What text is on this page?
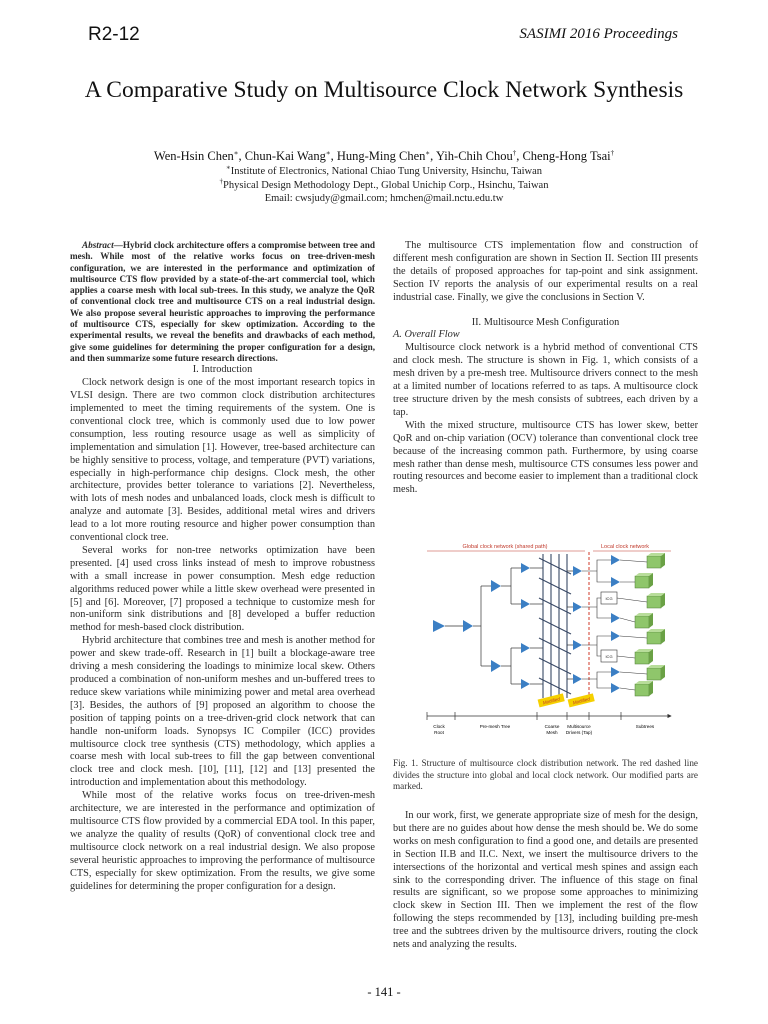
R2-12	SASIMI 2016 Proceedings
A Comparative Study on Multisource Clock Network Synthesis
Wen-Hsin Chen∗, Chun-Kai Wang∗, Hung-Ming Chen∗, Yih-Chih Chou†, Cheng-Hong Tsai†
∗Institute of Electronics, National Chiao Tung University, Hsinchu, Taiwan
†Physical Design Methodology Dept., Global Unichip Corp., Hsinchu, Taiwan
Email: cwsjudy@gmail.com; hmchen@mail.nctu.edu.tw

Abstract—Hybrid clock architecture offers a compromise between tree and mesh. While most of the relative works focus on tree-driven-mesh configuration, we are interested in the performance and optimization of multisource CTS flow provided by a state-of-the-art commercial tool, which applies a coarse mesh with local sub-trees. In this study, we analyze the QoR of conventional clock tree and multisource CTS on a real industrial design. We also propose several heuristic approaches to improving the performance of multisource CTS, especially for skew optimization. According to the experimental results, we reveal the benefits and drawbacks of each method, give some guidelines for determining the proper configuration for a design, and then summarize some future research directions.

I. Introduction

Clock network design is one of the most important research topics in VLSI design. There are two common clock distribution architectures implemented to meet the timing requirements of the system. One is conventional clock tree, which is commonly used due to low power consumption, less routing resource usage as well as simplicity of implementation and simulation [1]. However, tree-based architecture can be highly sensitive to process, voltage, and temperature (PVT) variations, especially in high-performance chip designs. Clock mesh, the other architecture, provides better tolerance to variations [2]. Nevertheless, with lots of mesh nodes and unbalanced loads, clock mesh is difficult to analyze and automate [3]. Besides, additional metal wires and drivers lead to a lot more routing resource and higher power consumption than conventional clock tree.

Several works for non-tree networks optimization have been presented. [4] used cross links instead of mesh to improve robustness with a small increase in power consumption. Mesh edge reduction algorithms reduced power while a little skew overhead were presented in [5] and [6]. Moreover, [7] proposed a technique to customize mesh for non-uniform sink distributions and [8] developed a buffer reduction method for mesh-based clock distribution.

Hybrid architecture that combines tree and mesh is another method for power and skew trade-off. Research in [1] built a blockage-aware tree driving a mesh considering the loadings to minimize local skew. Others produced a combination of non-uniform meshes and un-buffered trees to reduce skew variations while minimizing power and metal area overhead [3]. Besides, the authors of [9] proposed an algorithm to choose the position of tapping points on a tree-driven-grid clock network that can handle non-uniform loads. Synopsys IC Compiler (ICC) provides multisource clock tree synthesis (CTS) methodology, which applies a coarse mesh with local sub-trees to fill the gap between conventional clock tree and clock mesh. [10], [11], [12] and [13] presented the introduction and implementation about this methodology.

While most of the relative works focus on tree-driven-mesh architecture, we are interested in the performance and optimization of multisource CTS flow provided by a commercial EDA tool. In this paper, we analyze the quality of results (QoR) of conventional clock tree and multisource clock network on a real industrial design. We also propose several heuristic approaches to improving the performance of multisource CTS, especially for skew optimization. From the results, we give some guidelines for determining the proper configuration for a design.

The multisource CTS implementation flow and construction of different mesh configuration are shown in Section II. Section III presents the details of proposed approaches for tap-point and sink assignment. Section IV reports the analysis of our experimental results on a real industrial case. Finally, we give the conclusions in Section V.

II. Multisource Mesh Configuration

A. Overall Flow

Multisource clock network is a hybrid method of conventional CTS and clock mesh. The structure is shown in Fig. 1, which consists of a mesh driven by a pre-mesh tree. Multisource drivers connect to the mesh at a limited number of locations referred to as taps. A multisource clock tree structure driven by the mesh consists of subtrees, each driven by a tap.

With the mixed structure, multisource CTS has lower skew, better QoR and on-chip variation (OCV) tolerance than conventional clock tree because of the increasing common path. Furthermore, by using coarse mesh rather than dense mesh, multisource CTS consumes less power and routing resources and become easier to implement than a traditional clock mesh.

Global clock network (shared path)	Local clock network
ICG
ICG
Modified	Modified
Clock Root
Pre-mesh Tree	Coarse Mesh
Multisource Drivers (Tap)
Subtrees
Fig. 1. Structure of multisource clock distribution network. The red dashed line divides the structure into global and local clock network. Our modified parts are marked.

In our work, first, we generate appropriate size of mesh for the design, but there are no guides about how dense the mesh should be. We do some works on mesh configuration to find a good one, and details are presented in Section II.B and II.C. Next, we insert the multisource drivers to the intersections of the horizontal and vertical mesh spines and assign each sink to the corresponding driver. The influence of this stage on final results are significant, so we propose some approaches to minimizing clock skew in Section III. Then we implement the rest of the flow following the steps recommended by [13], including building pre-mesh tree and the subtrees driven by the multisource drivers, routing the clock nets and analyzing the results.

- 141 -
